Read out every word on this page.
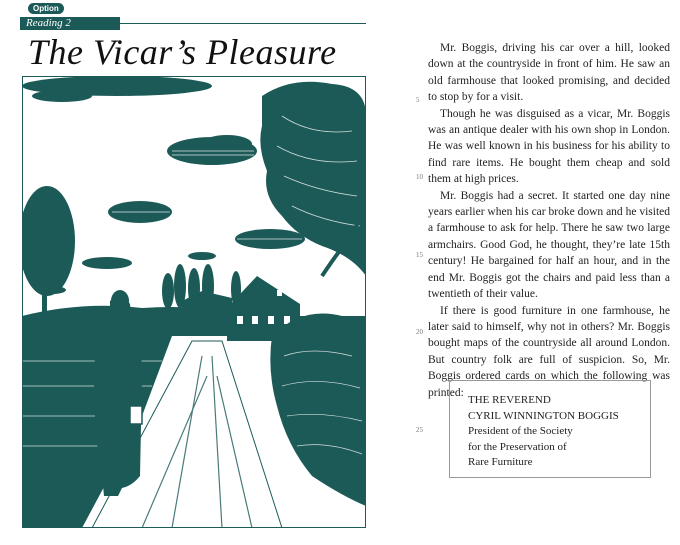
Option
Reading 2
The Vicar’s Pleasure	Mr. Boggis, driving his car over a hill, looked down at the countryside in front of him. He saw an old farmhouse that looked promising, and decided to stop by for a visit.

Though he was disguised as a vicar, Mr. Boggis was an antique dealer with his own shop in London. He was well known in his business for his ability to find rare items. He bought them cheap and sold them at high prices.

Mr. Boggis had a secret. It started one day nine years earlier when his car broke down and he visited a farmhouse to ask for help. There he saw two large armchairs. Good God, he thought, they’re late 15th century! He bargained for half an hour, and in the end Mr. Boggis got the chairs and paid less than a twentieth of their value.

If there is good furniture in one farmhouse, he later said to himself, why not in others? Mr. Boggis bought maps of the countryside all around London. But country folk are full of suspicion. So, Mr. Boggis ordered cards on which the following was printed:

5
10
15
20
25
THE REVEREND
CYRIL WINNINGTON BOGGIS
President of the Society
for the Preservation of
Rare Furniture
